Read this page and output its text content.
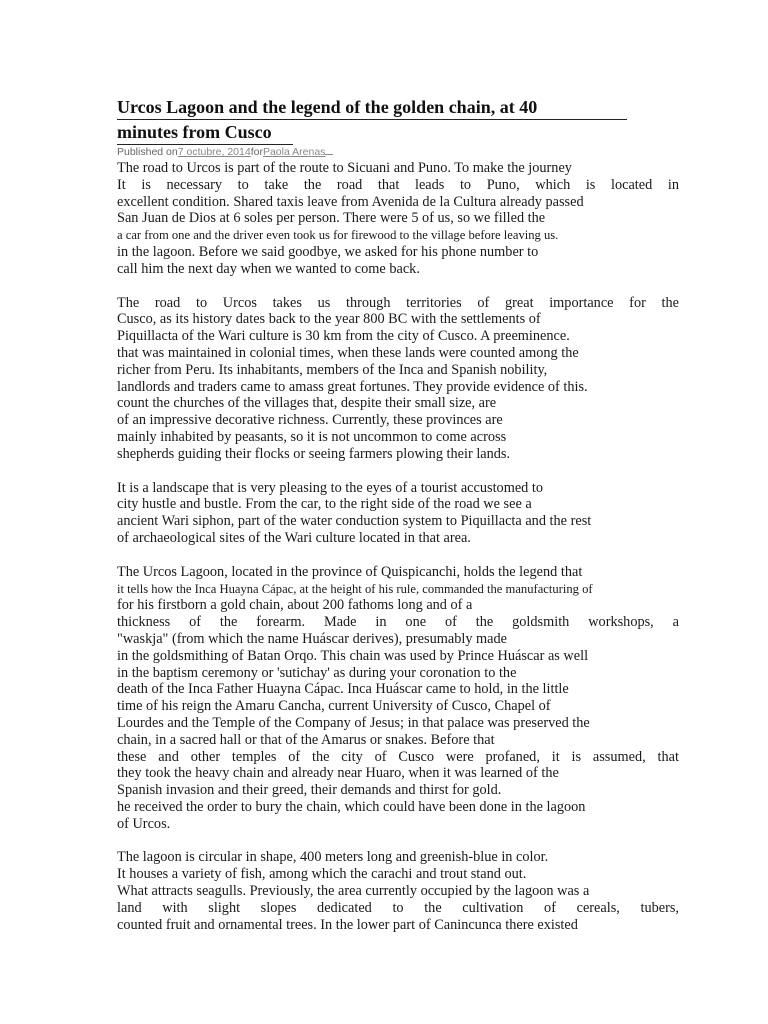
Urcos Lagoon and the legend of the golden chain, at 40
minutes from Cusco
Published on7 octubre, 2014forPaola Arenas
The road to Urcos is part of the route to Sicuani and Puno. To make the journey
It is necessary to take the road that leads to Puno, which is located in
excellent condition. Shared taxis leave from Avenida de la Cultura already passed
San Juan de Dios at 6 soles per person. There were 5 of us, so we filled the
a car from one and the driver even took us for firewood to the village before leaving us.
in the lagoon. Before we said goodbye, we asked for his phone number to
call him the next day when we wanted to come back.
The road to Urcos takes us through territories of great importance for the
Cusco, as its history dates back to the year 800 BC with the settlements of
Piquillacta of the Wari culture is 30 km from the city of Cusco. A preeminence.
that was maintained in colonial times, when these lands were counted among the
richer from Peru. Its inhabitants, members of the Inca and Spanish nobility,
landlords and traders came to amass great fortunes. They provide evidence of this.
count the churches of the villages that, despite their small size, are
of an impressive decorative richness. Currently, these provinces are
mainly inhabited by peasants, so it is not uncommon to come across
shepherds guiding their flocks or seeing farmers plowing their lands.
It is a landscape that is very pleasing to the eyes of a tourist accustomed to
city hustle and bustle. From the car, to the right side of the road we see a
ancient Wari siphon, part of the water conduction system to Piquillacta and the rest
of archaeological sites of the Wari culture located in that area.
The Urcos Lagoon, located in the province of Quispicanchi, holds the legend that
it tells how the Inca Huayna Cápac, at the height of his rule, commanded the manufacturing of
for his firstborn a gold chain, about 200 fathoms long and of a
thickness of the forearm. Made in one of the goldsmith workshops, a
"waskja" (from which the name Huáscar derives), presumably made
in the goldsmithing of Batan Orqo. This chain was used by Prince Huáscar as well
in the baptism ceremony or 'sutichay' as during your coronation to the
death of the Inca Father Huayna Cápac. Inca Huáscar came to hold, in the little
time of his reign the Amaru Cancha, current University of Cusco, Chapel of
Lourdes and the Temple of the Company of Jesus; in that palace was preserved the
chain, in a sacred hall or that of the Amarus or snakes. Before that
these and other temples of the city of Cusco were profaned, it is assumed, that
they took the heavy chain and already near Huaro, when it was learned of the
Spanish invasion and their greed, their demands and thirst for gold.
he received the order to bury the chain, which could have been done in the lagoon
of Urcos.
The lagoon is circular in shape, 400 meters long and greenish-blue in color.
It houses a variety of fish, among which the carachi and trout stand out.
What attracts seagulls. Previously, the area currently occupied by the lagoon was a
land with slight slopes dedicated to the cultivation of cereals, tubers,
counted fruit and ornamental trees. In the lower part of Canincunca there existed
